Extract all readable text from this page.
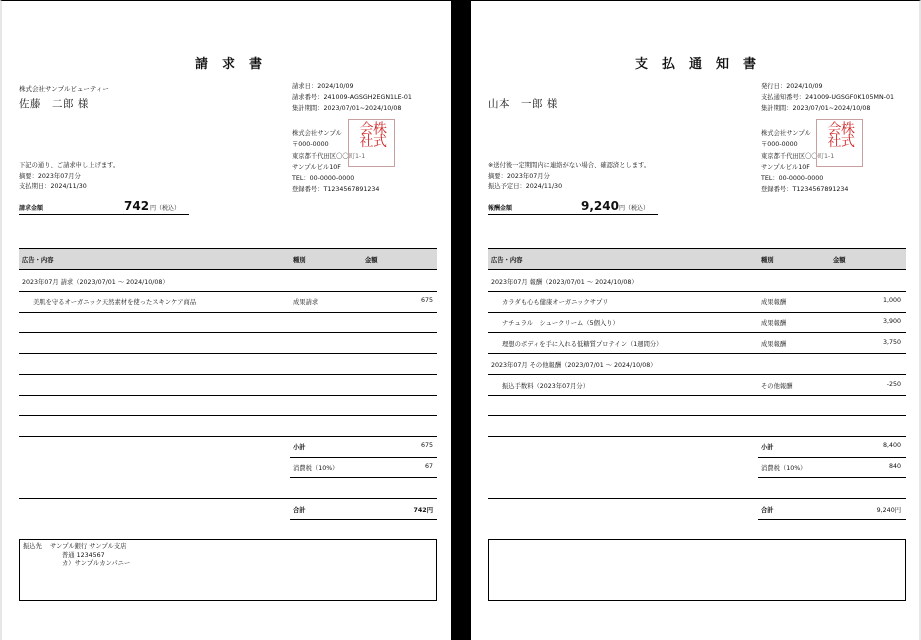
請求書
株式会社サンプルビューティー
佐藤　二郎 様
請求日：2024/10/09
請求番号：241009-AGSGH2EGN1LE-01
集計期間：2023/07/01~2024/10/08
株式会社サンプル
〒000-0000
東京都千代田区〇〇町1-1
サンプルビル10F
TEL：00-0000-0000
登録番号：T1234567891234
株式
会社
下記の通り、ご請求申し上げます。
摘要：2023年07月分
支払期日：2024/11/30
請求金額	742 円（税込）
広告・内容	種別	金額
2023年07月 請求（2023/07/01 ～ 2024/10/08）
美肌を守るオーガニック天然素材を使ったスキンケア商品	成果請求	675
小計	675
消費税（10%）	67
合計	742円
振込先 サンプル銀行 サンプル支店
普通 1234567
カ）サンプルカンパニー
支払通知書
山本　一郎 様
発行日：2024/10/09
支払通知番号：241009-UGSGF0K105MN-01
集計期間：2023/07/01~2024/10/08
株式会社サンプル
〒000-0000
東京都千代田区〇〇町1-1
サンプルビル10F
TEL：00-0000-0000
登録番号：T1234567891234
株式
会社
※送付後一定期間内に連絡がない場合、確認済とします。
摘要：2023年07月分
振込予定日：2024/11/30
報酬金額	9,240 円（税込）
広告・内容	種別	金額
2023年07月 報酬（2023/07/01 ～ 2024/10/08）
カラダも心も健康オーガニックサプリ	成果報酬	1,000
ナチュラル　シュークリーム（5個入り）	成果報酬	3,900
理想のボディを手に入れる低糖質プロテイン（1週間分）	成果報酬	3,750
2023年07月 その他報酬（2023/07/01 ～ 2024/10/08）
振込手数料（2023年07月分）	その他報酬	-250
小計	8,400
消費税（10%）	840
合計	9,240円
